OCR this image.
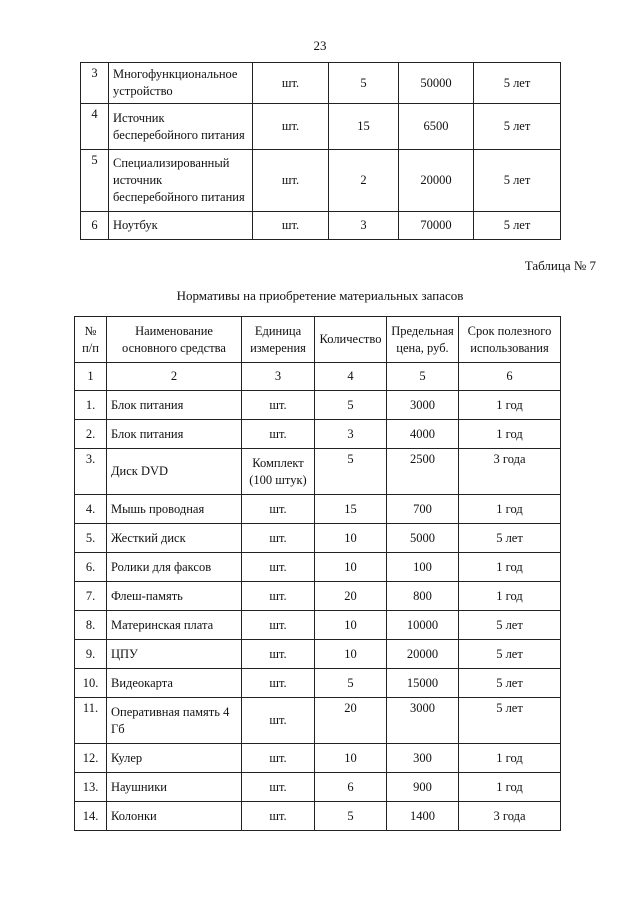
23
3	Многофункциональное устройство	шт.	5	50000	5 лет
4	Источник бесперебойного питания	шт.	15	6500	5 лет
5	Специализированный источник бесперебойного питания	шт.	2	20000	5 лет
6	Ноутбук	шт.	3	70000	5 лет
Таблица № 7
Нормативы на приобретение материальных запасов
№ п/п	Наименование основного средства	Единица измерения	Количество	Предельная цена, руб.	Срок полезного использования
1	2	3	4	5	6
1.	Блок питания	шт.	5	3000	1 год
2.	Блок питания	шт.	3	4000	1 год
3.	Диск DVD	Комплект (100 штук)	5	2500	3 года
4.	Мышь проводная	шт.	15	700	1 год
5.	Жесткий диск	шт.	10	5000	5 лет
6.	Ролики для факсов	шт.	10	100	1 год
7.	Флеш-память	шт.	20	800	1 год
8.	Материнская плата	шт.	10	10000	5 лет
9.	ЦПУ	шт.	10	20000	5 лет
10.	Видеокарта	шт.	5	15000	5 лет
11.	Оперативная память 4 Гб	шт.	20	3000	5 лет
12.	Кулер	шт.	10	300	1 год
13.	Наушники	шт.	6	900	1 год
14.	Колонки	шт.	5	1400	3 года
